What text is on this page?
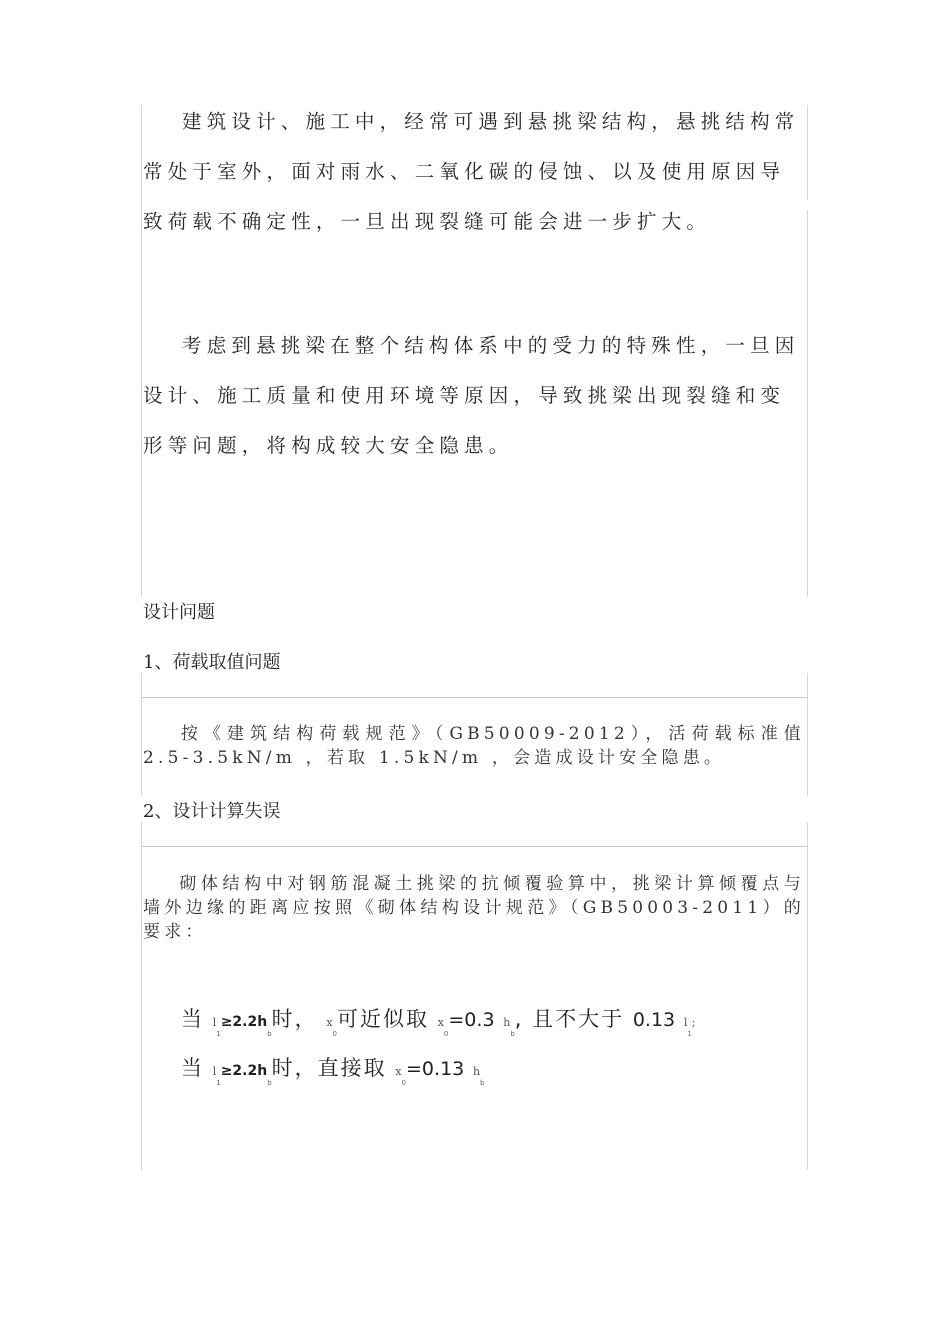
建筑设计、施工中，经常可遇到悬挑梁结构，悬挑结构常常处于室外，面对雨水、二氧化碳的侵蚀、以及使用原因导致荷载不确定性，一旦出现裂缝可能会进一步扩大。
考虑到悬挑梁在整个结构体系中的受力的特殊性，一旦因设计、施工质量和使用环境等原因，导致挑梁出现裂缝和变形等问题，将构成较大安全隐患。
设计问题
1、荷载取值问题
按《建筑结构荷载规范》（GB50009-2012），活荷载标准值2.5-3.5kN/m ，若取 1.5kN/m ，会造成设计安全隐患。
2、设计计算失误
砌体结构中对钢筋混凝土挑梁的抗倾覆验算中，挑梁计算倾覆点与墙外边缘的距离应按照《砌体结构设计规范》（GB50003-2011）的要求：
当 $l_1\ge 2.2h_b$时， $x_0$可近似取 $x_0=0.3$ $h_b$, 且不大于 0.13 $l_1$;
当 $l_1\ge 2.2h_b$时，直接取 $x_0=0.13$ $h_b$
